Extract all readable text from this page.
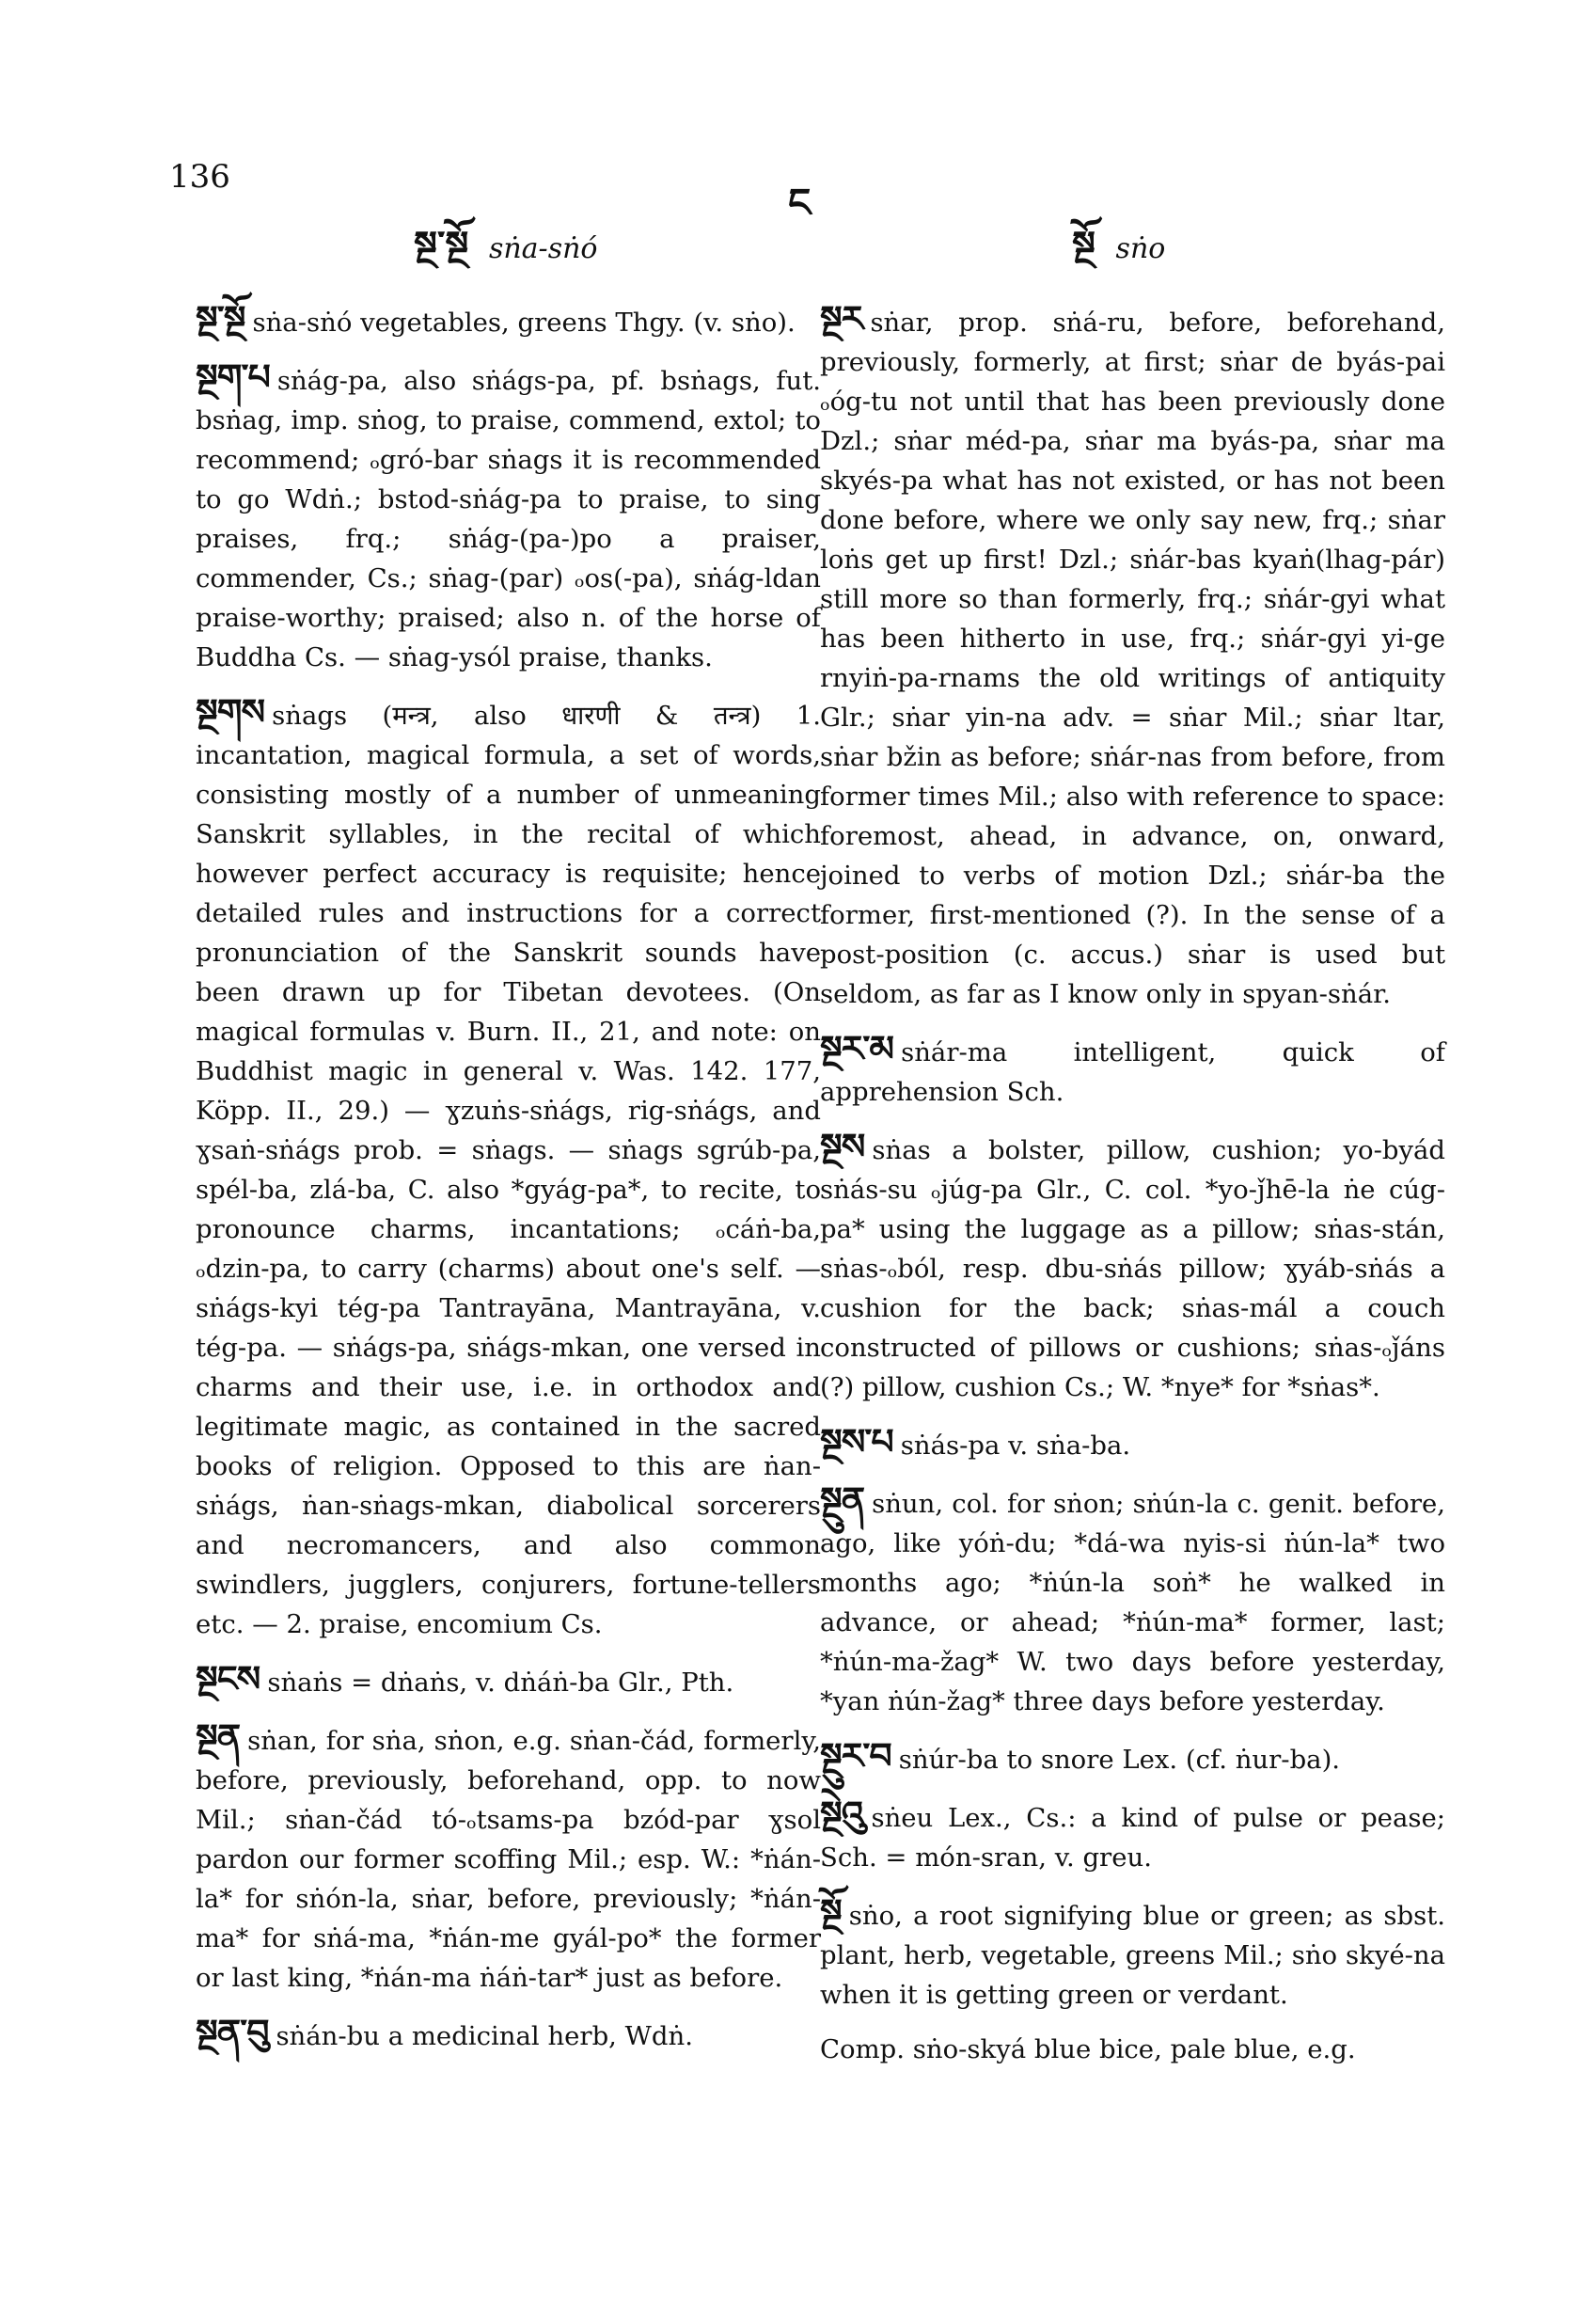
136
ང
སྔ་སྔོ sṅa-sṅó	སྔོ sṅo

སྔ་སྔོ sṅa-sṅó vegetables, greens Thgy. (v. sṅo).

སྔག་པ sṅág-pa, also sṅágs-pa, pf. bsṅags, fut. bsṅag, imp. sṅog, to praise, commend, extol; to recommend; ₒgró-bar sṅags it is recommended to go Wdṅ.; bstod-sṅág-pa to praise, to sing praises, frq.; sṅág-(pa-)po a praiser, commender, Cs.; sṅag-(par) ₒos(-pa), sṅág-ldan praise-worthy; praised; also n. of the horse of Buddha Cs. — sṅag-ysól praise, thanks.

སྔགས sṅags (मन्त्र, also धारणी & तन्त्र) 1. incantation, magical formula, a set of words, consisting mostly of a number of unmeaning Sanskrit syllables, in the recital of which however perfect accuracy is requisite; hence detailed rules and instructions for a correct pronunciation of the Sanskrit sounds have been drawn up for Tibetan devotees. (On magical formulas v. Burn. II., 21, and note: on Buddhist magic in general v. Was. 142. 177, Köpp. II., 29.) — ɣzuṅs-sṅágs, rig-sṅágs, and ɣsaṅ-sṅágs prob. = sṅags. — sṅags sgrúb-pa, spél-ba, zlá-ba, C. also *gyág-pa*, to recite, to pronounce charms, incantations; ₒcáṅ-ba, ₒdzin-pa, to carry (charms) about one's self. — sṅágs-kyi tég-pa Tantrayāna, Mantrayāna, v. tég-pa. — sṅágs-pa, sṅágs-mkan, one versed in charms and their use, i.e. in orthodox and legitimate magic, as contained in the sacred books of religion. Opposed to this are ṅan-sṅágs, ṅan-sṅags-mkan, diabolical sorcerers and necromancers, and also common swindlers, jugglers, conjurers, fortune-tellers etc. — 2. praise, encomium Cs.

སྔངས sṅaṅs = dṅaṅs, v. dṅáṅ-ba Glr., Pth.

སྔན sṅan, for sṅa, sṅon, e.g. sṅan-čád, formerly, before, previously, beforehand, opp. to now Mil.; sṅan-čád tó-ₒtsams-pa bzód-par ɣsol pardon our former scoffing Mil.; esp. W.: *ṅán-la* for sṅón-la, sṅar, before, previously; *ṅán-ma* for sṅá-ma, *ṅán-me gyál-po* the former or last king, *ṅán-ma ṅáṅ-tar* just as before.

སྔན་བུ sṅán-bu a medicinal herb, Wdṅ.

སྔར sṅar, prop. sṅá-ru, before, beforehand, previously, formerly, at first; sṅar de byás-pai ₒóg-tu not until that has been previously done Dzl.; sṅar méd-pa, sṅar ma byás-pa, sṅar ma skyés-pa what has not existed, or has not been done before, where we only say new, frq.; sṅar loṅs get up first! Dzl.; sṅár-bas kyaṅ(lhag-pár) still more so than formerly, frq.; sṅár-gyi what has been hitherto in use, frq.; sṅár-gyi yi-ge rnyiṅ-pa-rnams the old writings of antiquity Glr.; sṅar yin-na adv. = sṅar Mil.; sṅar ltar, sṅar bžin as before; sṅár-nas from before, from former times Mil.; also with reference to space: foremost, ahead, in advance, on, onward, joined to verbs of motion Dzl.; sṅár-ba the former, first-mentioned (?). In the sense of a post-position (c. accus.) sṅar is used but seldom, as far as I know only in spyan-sṅár.

སྔར་མ sṅár-ma intelligent, quick of apprehension Sch.

སྔས sṅas a bolster, pillow, cushion; yo-byád sṅás-su ₒjúg-pa Glr., C. col. *yo-ǰhē-la ṅe cúg-pa* using the luggage as a pillow; sṅas-stán, sṅas-ₒból, resp. dbu-sṅás pillow; ɣyáb-sṅás a cushion for the back; sṅas-mál a couch constructed of pillows or cushions; sṅas-ₒǰáns (?) pillow, cushion Cs.; W. *nye* for *sṅas*.

སྔས་པ sṅás-pa v. sṅa-ba.

སྔུན sṅun, col. for sṅon; sṅún-la c. genit. before, ago, like yóṅ-du; *dá-wa nyis-si ṅún-la* two months ago; *ṅún-la soṅ* he walked in advance, or ahead; *ṅún-ma* former, last; *ṅún-ma-žag* W. two days before yesterday, *yan ṅún-žag* three days before yesterday.

སྔུར་བ sṅúr-ba to snore Lex. (cf. ṅur-ba).

སྔེའུ sṅeu Lex., Cs.: a kind of pulse or pease; Sch. = món-sran, v. greu.

སྔོ sṅo, a root signifying blue or green; as sbst. plant, herb, vegetable, greens Mil.; sṅo skyé-na when it is getting green or verdant.

Comp. sṅo-skyá blue bice, pale blue, e.g.
